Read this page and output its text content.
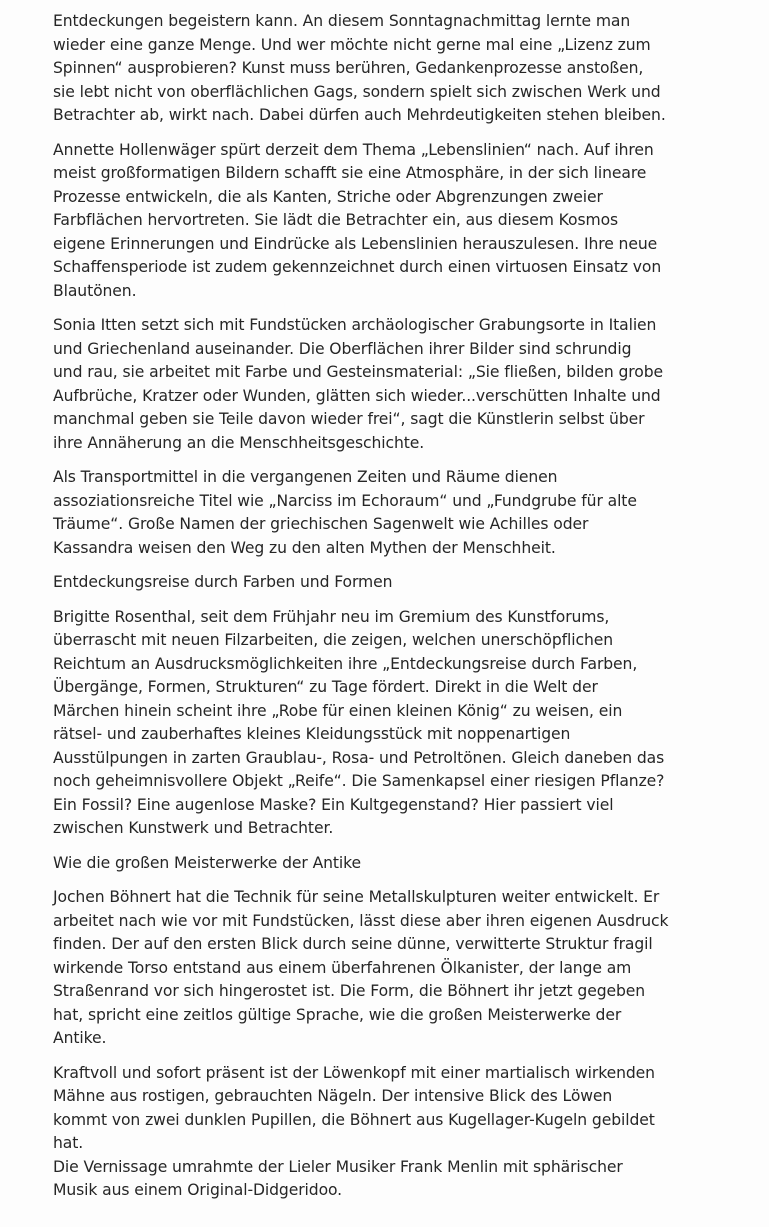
Entdeckungen begeistern kann. An diesem Sonntagnachmittag lernte man
wieder eine ganze Menge. Und wer möchte nicht gerne mal eine „Lizenz zum
Spinnen“ ausprobieren? Kunst muss berühren, Gedankenprozesse anstoßen,
sie lebt nicht von oberflächlichen Gags, sondern spielt sich zwischen Werk und
Betrachter ab, wirkt nach. Dabei dürfen auch Mehrdeutigkeiten stehen bleiben.

Annette Hollenwäger spürt derzeit dem Thema „Lebenslinien“ nach. Auf ihren
meist großformatigen Bildern schafft sie eine Atmosphäre, in der sich lineare
Prozesse entwickeln, die als Kanten, Striche oder Abgrenzungen zweier
Farbflächen hervortreten. Sie lädt die Betrachter ein, aus diesem Kosmos
eigene Erinnerungen und Eindrücke als Lebenslinien herauszulesen. Ihre neue
Schaffensperiode ist zudem gekennzeichnet durch einen virtuosen Einsatz von
Blautönen.

Sonia Itten setzt sich mit Fundstücken archäologischer Grabungsorte in Italien
und Griechenland auseinander. Die Oberflächen ihrer Bilder sind schrundig
und rau, sie arbeitet mit Farbe und Gesteinsmaterial: „Sie fließen, bilden grobe
Aufbrüche, Kratzer oder Wunden, glätten sich wieder...verschütten Inhalte und
manchmal geben sie Teile davon wieder frei“, sagt die Künstlerin selbst über
ihre Annäherung an die Menschheitsgeschichte.

Als Transportmittel in die vergangenen Zeiten und Räume dienen
assoziationsreiche Titel wie „Narciss im Echoraum“ und „Fundgrube für alte
Träume“. Große Namen der griechischen Sagenwelt wie Achilles oder
Kassandra weisen den Weg zu den alten Mythen der Menschheit.

Entdeckungsreise durch Farben und Formen

Brigitte Rosenthal, seit dem Frühjahr neu im Gremium des Kunstforums,
überrascht mit neuen Filzarbeiten, die zeigen, welchen unerschöpflichen
Reichtum an Ausdrucksmöglichkeiten ihre „Entdeckungsreise durch Farben,
Übergänge, Formen, Strukturen“ zu Tage fördert. Direkt in die Welt der
Märchen hinein scheint ihre „Robe für einen kleinen König“ zu weisen, ein
rätsel- und zauberhaftes kleines Kleidungsstück mit noppenartigen
Ausstülpungen in zarten Graublau-, Rosa- und Petroltönen. Gleich daneben das
noch geheimnisvollere Objekt „Reife“. Die Samenkapsel einer riesigen Pflanze?
Ein Fossil? Eine augenlose Maske? Ein Kultgegenstand? Hier passiert viel
zwischen Kunstwerk und Betrachter.

Wie die großen Meisterwerke der Antike

Jochen Böhnert hat die Technik für seine Metallskulpturen weiter entwickelt. Er
arbeitet nach wie vor mit Fundstücken, lässt diese aber ihren eigenen Ausdruck
finden. Der auf den ersten Blick durch seine dünne, verwitterte Struktur fragil
wirkende Torso entstand aus einem überfahrenen Ölkanister, der lange am
Straßenrand vor sich hingerostet ist. Die Form, die Böhnert ihr jetzt gegeben
hat, spricht eine zeitlos gültige Sprache, wie die großen Meisterwerke der
Antike.

Kraftvoll und sofort präsent ist der Löwenkopf mit einer martialisch wirkenden
Mähne aus rostigen, gebrauchten Nägeln. Der intensive Blick des Löwen
kommt von zwei dunklen Pupillen, die Böhnert aus Kugellager-Kugeln gebildet
hat.
Die Vernissage umrahmte der Lieler Musiker Frank Menlin mit sphärischer
Musik aus einem Original-Didgeridoo.
